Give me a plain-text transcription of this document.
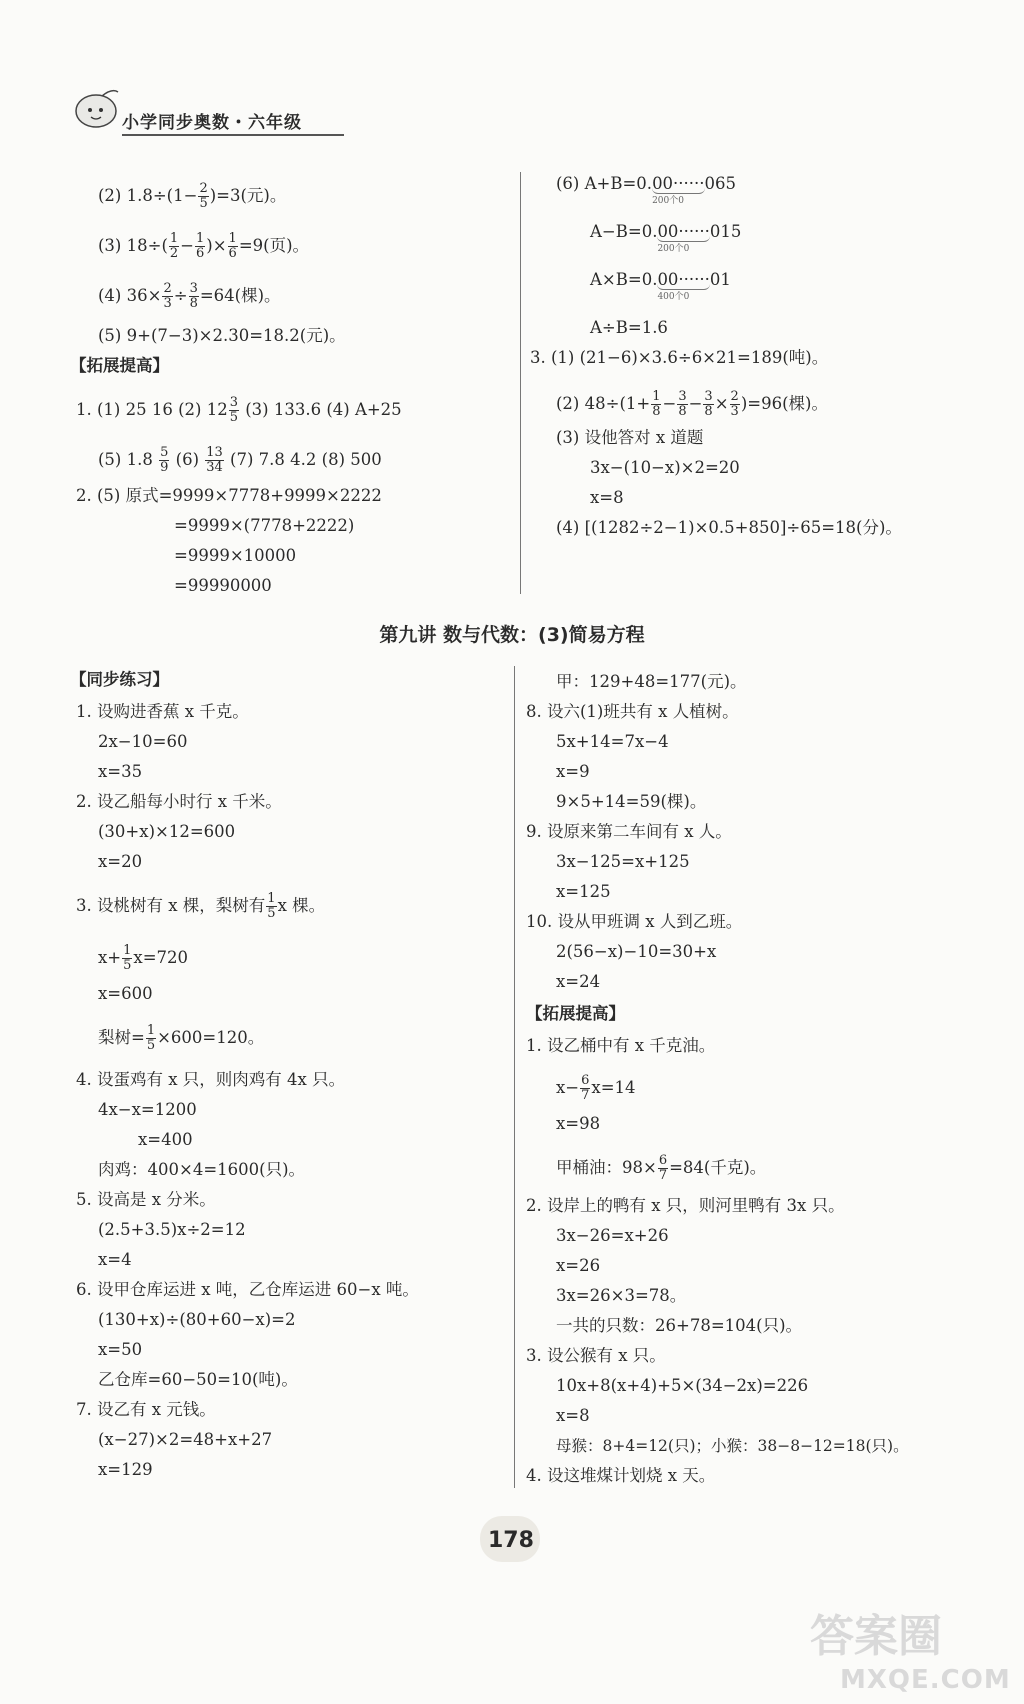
小学同步奥数・六年级
(2) $1.8\div(1- \frac{2}{5} )=3$(元)。
(3) $18\div( \frac{1}{2} - \frac{1}{6}$ )× $\frac{1}{6} =9$(页)。
(4) $36\times \frac{2}{3} \div \frac{3}{8} =64$(棵)。
(5) 9+(7−3)×2.30=18.2(元)。
【拓展提高】
1. (1) 25 16 (2) $12 \frac{3}{5} (3)$ 133.6 (4) A+25
(5) $1.8 \frac{5}{9} (6) \frac{13}{34} (7)$ 7.8 4.2 (8) 500
2. (5) 原式=9999×7778+9999×2222
=9999×(7778+2222)
=9999×10000
=99990000
(6) A+B=0.00······
200个0
065
A−B=0.00······
200个0
015
A×B=0.00······
400个0
01
A÷B=1.6
3. (1) (21−6)×3.6÷6×21=189(吨)。
(2) $48\div(1+ \frac{1}{8} - \frac{3}{8} - \frac{3}{8} \times \frac{2}{3} )=96$(棵)。
(3) 设他答对 x 道题
3x−(10−x)×2=20
x=8
(4) [(1282÷2−1)×0.5+850]÷65=18(分)。
第九讲 数与代数：(3)简易方程
【同步练习】
1. 设购进香蕉 x 千克。
2x−10=60
x=35
2. 设乙船每小时行 x 千米。
(30+x)×12=600
x=20
3. 设桃树有 x 棵，梨树有 $\frac{1}{5}$ x 棵。
$x+ \frac{1}{5} x=720$
x=600
梨树= $\frac{1}{5} \times 600=120$。
4. 设蛋鸡有 x 只，则肉鸡有 4x 只。
4x−x=1200
x=400
肉鸡：400×4=1600(只)。
5. 设高是 x 分米。
(2.5+3.5)x÷2=12
x=4
6. 设甲仓库运进 x 吨，乙仓库运进 60−x 吨。
(130+x)÷(80+60−x)=2
x=50
乙仓库=60−50=10(吨)。
7. 设乙有 x 元钱。
(x−27)×2=48+x+27
x=129
甲：129+48=177(元)。
8. 设六(1)班共有 x 人植树。
5x+14=7x−4
x=9
9×5+14=59(棵)。
9. 设原来第二车间有 x 人。
3x−125=x+125
x=125
10. 设从甲班调 x 人到乙班。
2(56−x)−10=30+x
x=24
【拓展提高】
1. 设乙桶中有 x 千克油。
$x- \frac{6}{7} x=14$
x=98
甲桶油：$98\times \frac{6}{7} =84$(千克)。
2. 设岸上的鸭有 x 只，则河里鸭有 3x 只。
3x−26=x+26
x=26
3x=26×3=78。
一共的只数：26+78=104(只)。
3. 设公猴有 x 只。
10x+8(x+4)+5×(34−2x)=226
x=8
母猴：8+4=12(只)；小猴：38−8−12=18(只)。
4. 设这堆煤计划烧 x 天。
178
答案圈
MXQE.COM
